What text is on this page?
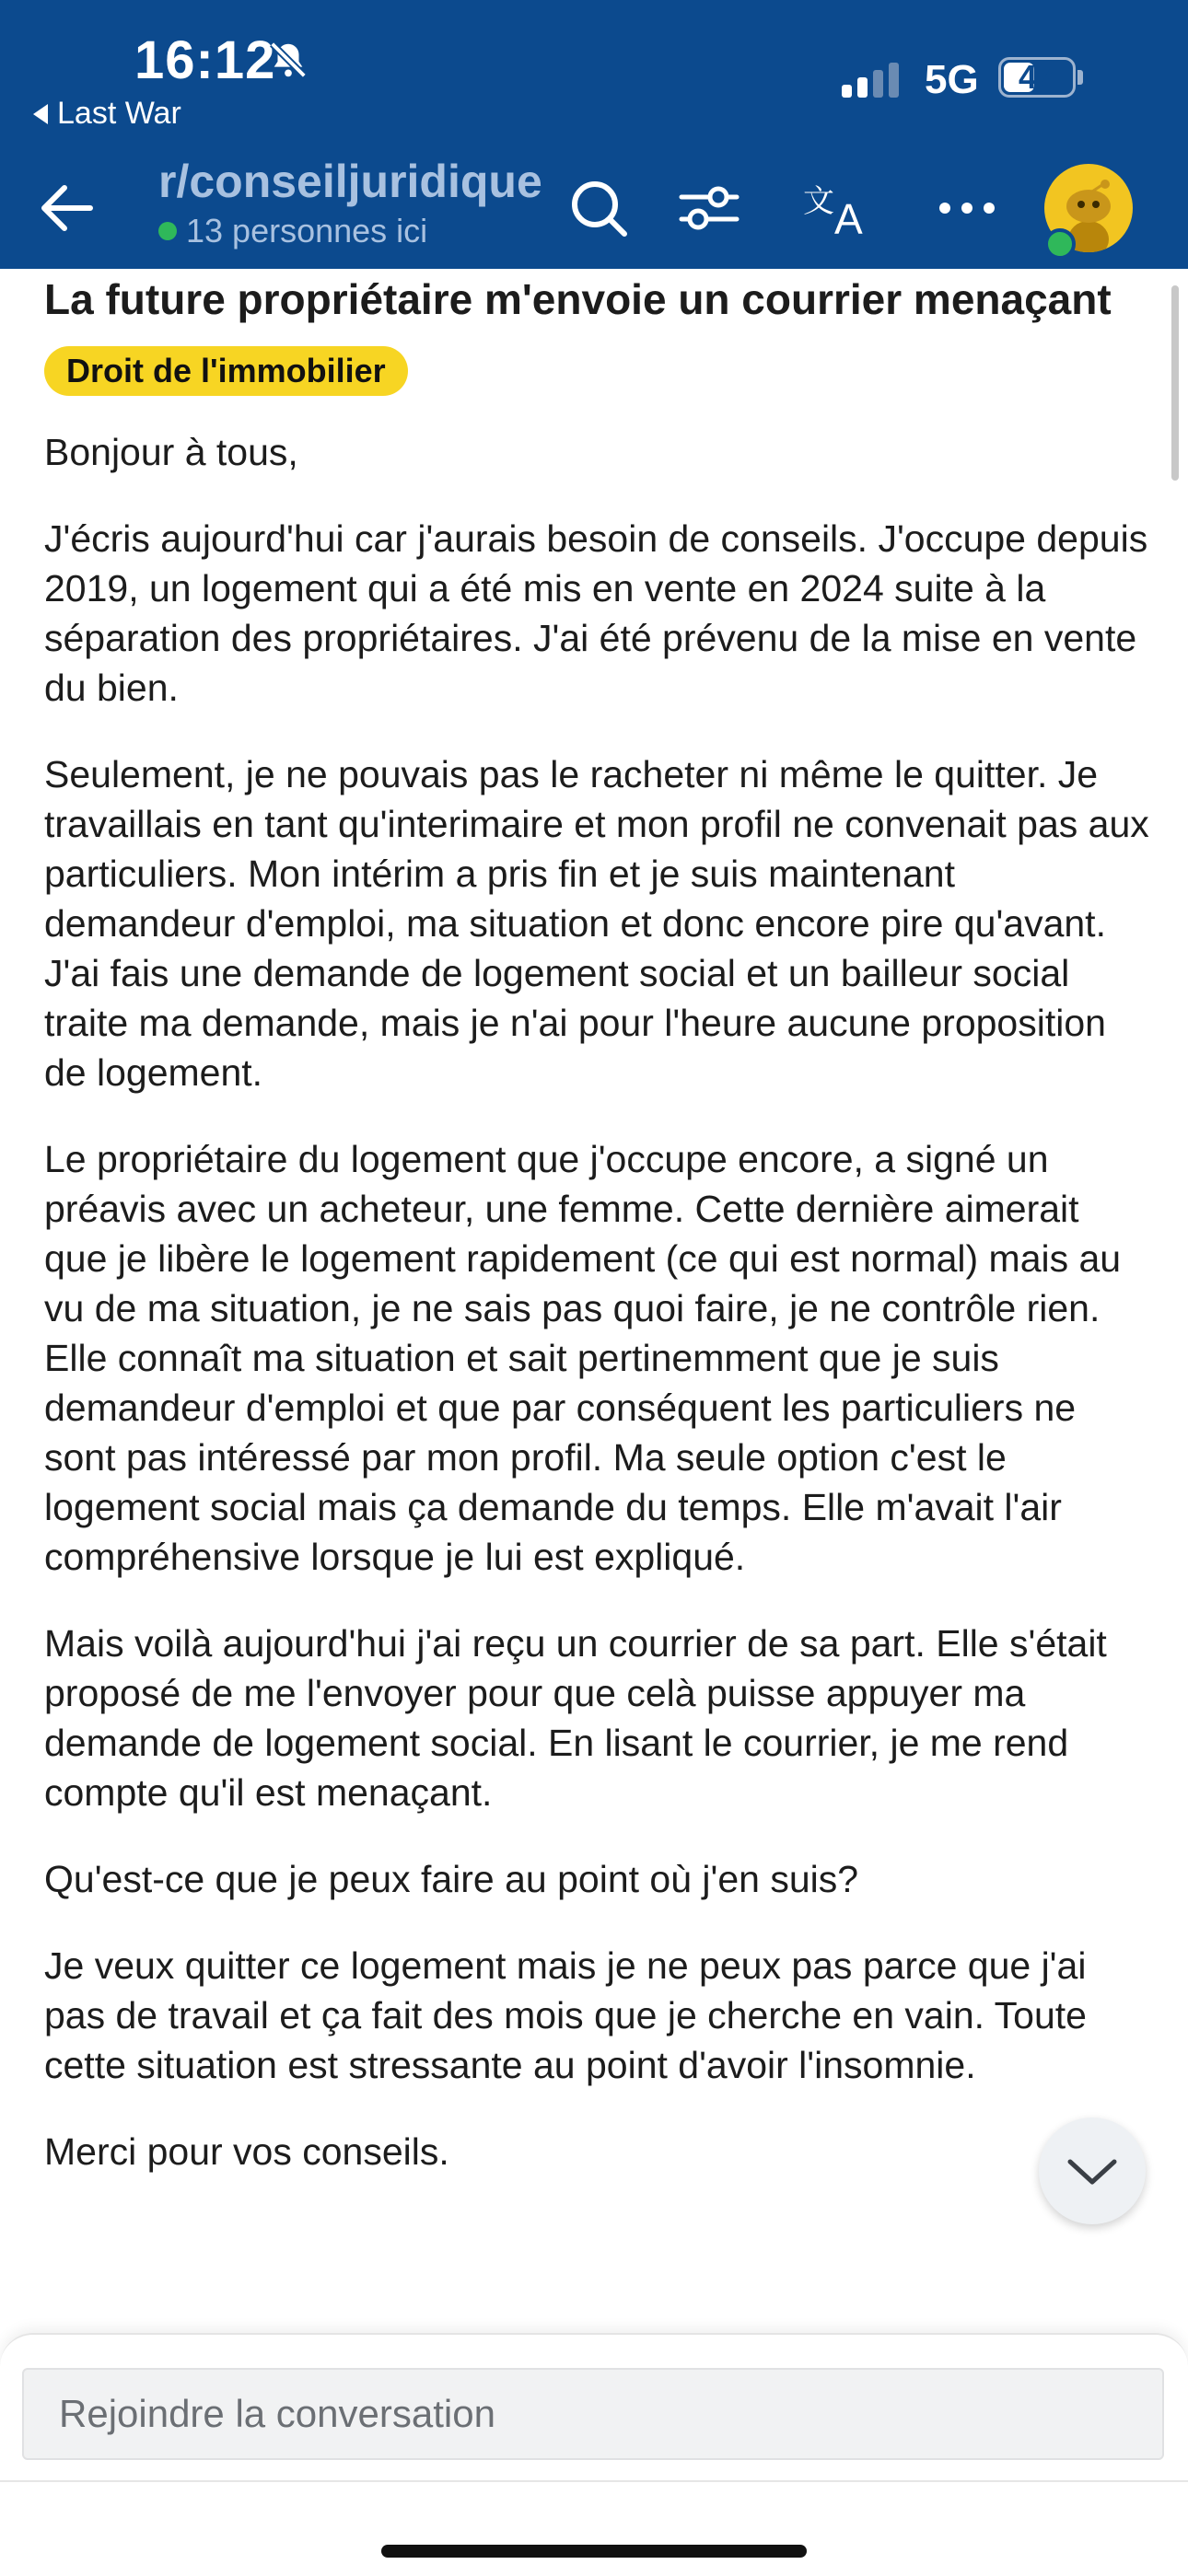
16:12
Last War
5G	47
r/conseiljuridique
13 personnes ici
文 A
La future propriétaire m'envoie un courrier menaçant
Droit de l'immobilier

Bonjour à tous,

J'écris aujourd'hui car j'aurais besoin de conseils. J'occupe depuis 2019, un logement qui a été mis en vente en 2024 suite à la séparation des propriétaires. J'ai été prévenu de la mise en vente du bien.

Seulement, je ne pouvais pas le racheter ni même le quitter. Je travaillais en tant qu'interimaire et mon profil ne convenait pas aux particuliers. Mon intérim a pris fin et je suis maintenant demandeur d'emploi, ma situation et donc encore pire qu'avant. J'ai fais une demande de logement social et un bailleur social traite ma demande, mais je n'ai pour l'heure aucune proposition de logement.

Le propriétaire du logement que j'occupe encore, a signé un préavis avec un acheteur, une femme. Cette dernière aimerait que je libère le logement rapidement (ce qui est normal) mais au vu de ma situation, je ne sais pas quoi faire, je ne contrôle rien. Elle connaît ma situation et sait pertinemment que je suis demandeur d'emploi et que par conséquent les particuliers ne sont pas intéressé par mon profil. Ma seule option c'est le logement social mais ça demande du temps. Elle m'avait l'air compréhensive lorsque je lui est expliqué.

Mais voilà aujourd'hui j'ai reçu un courrier de sa part. Elle s'était proposé de me l'envoyer pour que celà puisse appuyer ma demande de logement social. En lisant le courrier, je me rend compte qu'il est menaçant.

Qu'est-ce que je peux faire au point où j'en suis?

Je veux quitter ce logement mais je ne peux pas parce que j'ai pas de travail et ça fait des mois que je cherche en vain. Toute cette situation est stressante au point d'avoir l'insomnie.

Merci pour vos conseils.

Rejoindre la conversation
